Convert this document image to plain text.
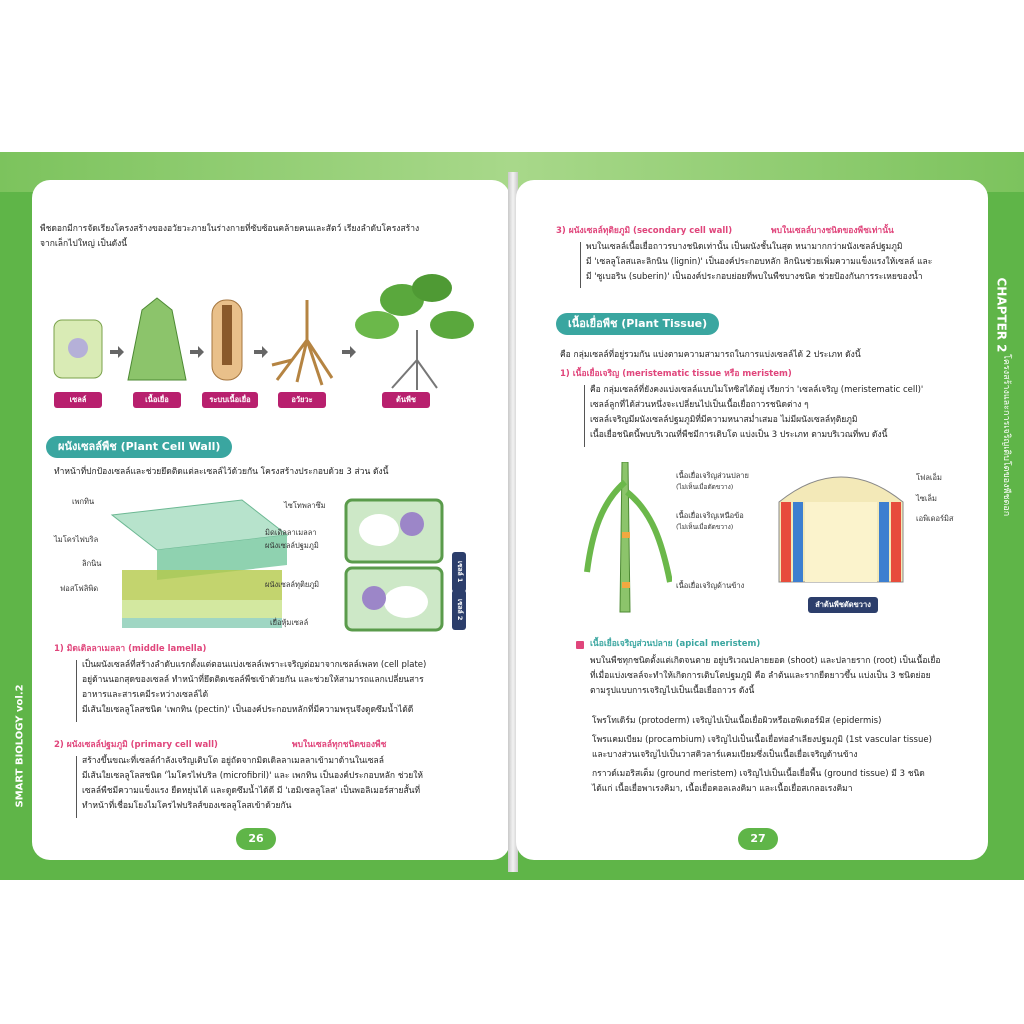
พืชดอกมีการจัดเรียงโครงสร้างของอวัยวะภายในร่างกายที่ซับซ้อนคล้ายคนและสัตว์ เรียงลำดับโครงสร้าง
จากเล็กไปใหญ่ เป็นดังนี้
เซลล์	เนื้อเยื่อ	ระบบเนื้อเยื่อ	อวัยวะ	ต้นพืช
ผนังเซลล์พืช (Plant Cell Wall)
ทำหน้าที่ปกป้องเซลล์และช่วยยึดติดแต่ละเซลล์ไว้ด้วยกัน โครงสร้างประกอบด้วย 3 ส่วน ดังนี้
เพกทิน
ไมโครไฟบริล
ลิกนิน
ฟอสโฟลิพิด
เซลล์ 1
เซลล์ 2
ไซโทพลาซึม
มิดเดิลลาเมลลา
ผนังเซลล์ปฐมภูมิ
ผนังเซลล์ทุติยภูมิ
เยื่อหุ้มเซลล์
1) มิดเดิลลาเมลลา (middle lamella)
เป็นผนังเซลล์ที่สร้างลำดับแรกตั้งแต่ตอนแบ่งเซลล์เพราะเจริญต่อมาจากเซลล์เพลท (cell plate)
อยู่ด้านนอกสุดของเซลล์ ทำหน้าที่ยึดติดเซลล์พืชเข้าด้วยกัน และช่วยให้สามารถแลกเปลี่ยนสาร
อาหารและสารเคมีระหว่างเซลล์ได้
มีเส้นใยเซลลูโลสชนิด 'เพกทิน (pectin)' เป็นองค์ประกอบหลักที่มีความพรุนจึงดูดซึมน้ำได้ดี
2) ผนังเซลล์ปฐมภูมิ (primary cell wall)	พบในเซลล์ทุกชนิดของพืช
สร้างขึ้นขณะที่เซลล์กำลังเจริญเติบโต อยู่ถัดจากมิดเดิลลาเมลลาเข้ามาด้านในเซลล์
มีเส้นใยเซลลูโลสชนิด 'ไมโครไฟบริล (microfibril)' และ เพกทิน เป็นองค์ประกอบหลัก ช่วยให้
เซลล์พืชมีความแข็งแรง ยืดหยุ่นได้ และดูดซึมน้ำได้ดี มี 'เฮมิเซลลูโลส' เป็นพอลิเมอร์สายสั้นที่
ทำหน้าที่เชื่อมโยงไมโครไฟบริลส์ของเซลลูโลสเข้าด้วยกัน
26
3) ผนังเซลล์ทุติยภูมิ (secondary cell wall)	พบในเซลล์บางชนิดของพืชเท่านั้น
พบในเซลล์เนื้อเยื่อถาวรบางชนิดเท่านั้น เป็นผนังชั้นในสุด หนามากกว่าผนังเซลล์ปฐมภูมิ
มี 'เซลลูโลสและลิกนิน (lignin)' เป็นองค์ประกอบหลัก ลิกนินช่วยเพิ่มความแข็งแรงให้เซลล์ และ
มี 'ซูเบอริน (suberin)' เป็นองค์ประกอบย่อยที่พบในพืชบางชนิด ช่วยป้องกันการระเหยของน้ำ
เนื้อเยื่อพืช (Plant Tissue)
คือ กลุ่มเซลล์ที่อยู่รวมกัน แบ่งตามความสามารถในการแบ่งเซลล์ได้ 2 ประเภท ดังนี้
1) เนื้อเยื่อเจริญ (meristematic tissue หรือ meristem)
คือ กลุ่มเซลล์ที่ยังคงแบ่งเซลล์แบบไมโทซิสได้อยู่ เรียกว่า 'เซลล์เจริญ (meristematic cell)'
เซลล์ลูกที่ได้ส่วนหนึ่งจะเปลี่ยนไปเป็นเนื้อเยื่อถาวรชนิดต่าง ๆ
เซลล์เจริญมีผนังเซลล์ปฐมภูมิที่มีความหนาสม่ำเสมอ ไม่มีผนังเซลล์ทุติยภูมิ
เนื้อเยื่อชนิดนี้พบบริเวณที่พืชมีการเติบโต แบ่งเป็น 3 ประเภท ตามบริเวณที่พบ ดังนี้
เนื้อเยื่อเจริญส่วนปลาย
(ไม่เห็นเมื่อตัดขวาง)
เนื้อเยื่อเจริญเหนือข้อ
(ไม่เห็นเมื่อตัดขวาง)
เนื้อเยื่อเจริญด้านข้าง
โฟลเอ็ม
ไซเล็ม
เอพิเดอร์มิส
ลำต้นพืชตัดขวาง
เนื้อเยื่อเจริญส่วนปลาย (apical meristem)
พบในพืชทุกชนิดตั้งแต่เกิดจนตาย อยู่บริเวณปลายยอด (shoot) และปลายราก (root) เป็นเนื้อเยื่อ
ที่เมื่อแบ่งเซลล์จะทำให้เกิดการเติบโตปฐมภูมิ คือ ลำต้นและรากยืดยาวขึ้น แบ่งเป็น 3 ชนิดย่อย
ตามรูปแบบการเจริญไปเป็นเนื้อเยื่อถาวร ดังนี้
โพรโทเดิร์ม (protoderm) เจริญไปเป็นเนื้อเยื่อผิวหรือเอพิเดอร์มิส (epidermis)
โพรแคมเบียม (procambium) เจริญไปเป็นเนื้อเยื่อท่อลำเลียงปฐมภูมิ (1st vascular tissue)
และบางส่วนเจริญไปเป็นวาสคิวลาร์แคมเบียมซึ่งเป็นเนื้อเยื่อเจริญด้านข้าง
กราวด์เมอริสเต็ม (ground meristem) เจริญไปเป็นเนื้อเยื่อพื้น (ground tissue) มี 3 ชนิด
ได้แก่ เนื้อเยื่อพาเรงคิมา, เนื้อเยื่อคอลเลงคิมา และเนื้อเยื่อสเกลอเรงคิมา
27
SMART BIOLOGY vol.2
CHAPTER 2
โครงสร้างและการเจริญเติบโตของพืชดอก
